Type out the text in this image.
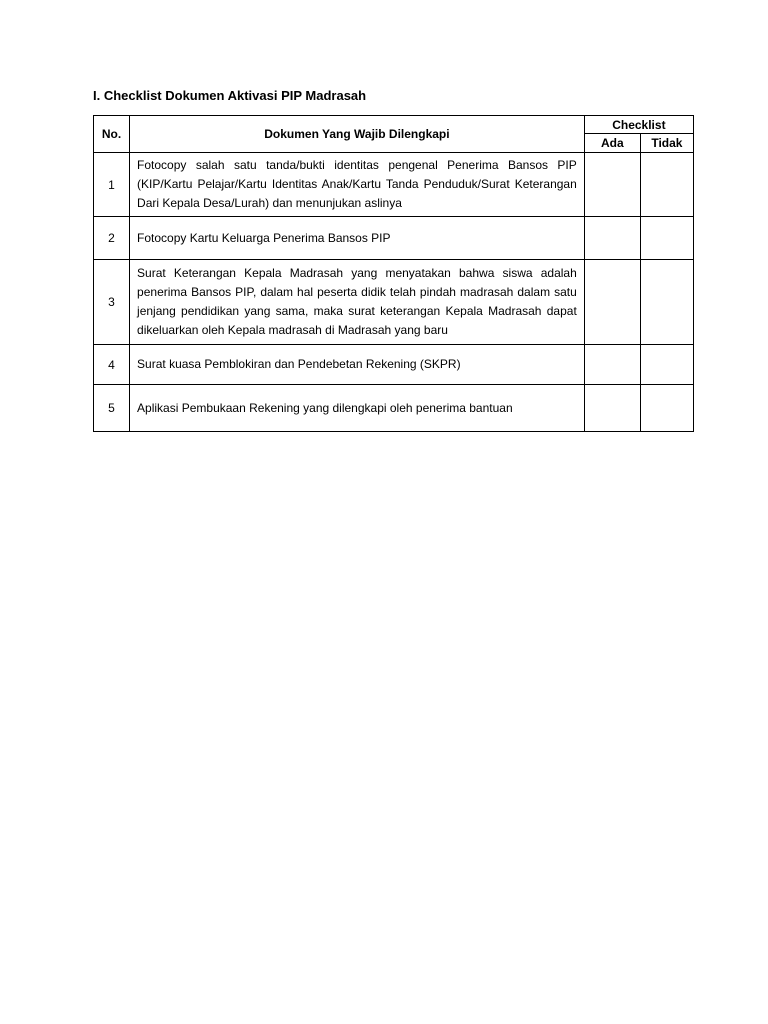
I. Checklist Dokumen Aktivasi PIP Madrasah
No.	Dokumen Yang Wajib Dilengkapi	Checklist	
		Ada	Tidak
1	Fotocopy salah satu tanda/bukti identitas pengenal Penerima Bansos PIP (KIP/Kartu Pelajar/Kartu Identitas Anak/Kartu Tanda Penduduk/Surat Keterangan Dari Kepala Desa/Lurah) dan menunjukan aslinya		
2	Fotocopy Kartu Keluarga Penerima Bansos PIP		
3	Surat Keterangan Kepala Madrasah yang menyatakan bahwa siswa adalah penerima Bansos PIP, dalam hal peserta didik telah pindah madrasah dalam satu jenjang pendidikan yang sama, maka surat keterangan Kepala Madrasah dapat dikeluarkan oleh Kepala madrasah di Madrasah yang baru		
4	Surat kuasa Pemblokiran dan Pendebetan Rekening (SKPR)		
5	Aplikasi Pembukaan Rekening yang dilengkapi oleh penerima bantuan		
